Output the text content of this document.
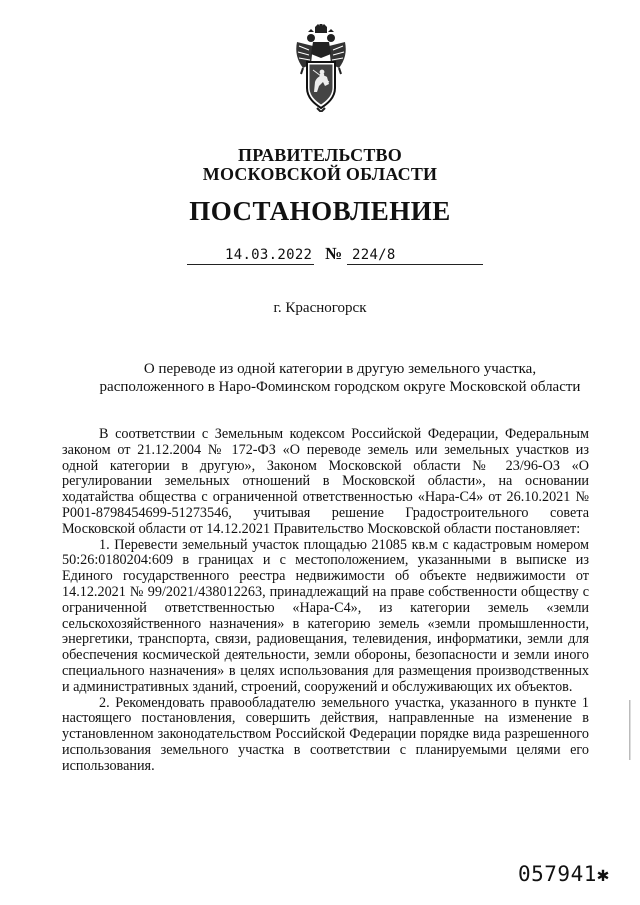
ПРАВИТЕЛЬСТВО
МОСКОВСКОЙ ОБЛАСТИ
ПОСТАНОВЛЕНИЕ
14.03.2022 № 224/8
г. Красногорск
О переводе из одной категории в другую земельного участка,
расположенного в Наро-Фоминском городском округе Московской области

В соответствии с Земельным кодексом Российской Федерации, Федеральным законом от 21.12.2004 № 172-ФЗ «О переводе земель или земельных участков из одной категории в другую», Законом Московской области № 23/96-ОЗ «О регулировании земельных отношений в Московской области», на основании ходатайства общества с ограниченной ответственностью «Нара-С4» от 26.10.2021 № Р001-8798454699-51273546, учитывая решение Градостроительного совета Московской области от 14.12.2021 Правительство Московской области постановляет:

1. Перевести земельный участок площадью 21085 кв.м с кадастровым номером 50:26:0180204:609 в границах и с местоположением, указанными в выписке из Единого государственного реестра недвижимости об объекте недвижимости от 14.12.2021 № 99/2021/438012263, принадлежащий на праве собственности обществу с ограниченной ответственностью «Нара-С4», из категории земель «земли сельскохозяйственного назначения» в категорию земель «земли промышленности, энергетики, транспорта, связи, радиовещания, телевидения, информатики, земли для обеспечения космической деятельности, земли обороны, безопасности и земли иного специального назначения» в целях использования для размещения производственных и административных зданий, строений, сооружений и обслуживающих их объектов.

2. Рекомендовать правообладателю земельного участка, указанного в пункте 1 настоящего постановления, совершить действия, направленные на изменение в установленном законодательством Российской Федерации порядке вида разрешенного использования земельного участка в соответствии с планируемыми целями его использования.

057941✱
